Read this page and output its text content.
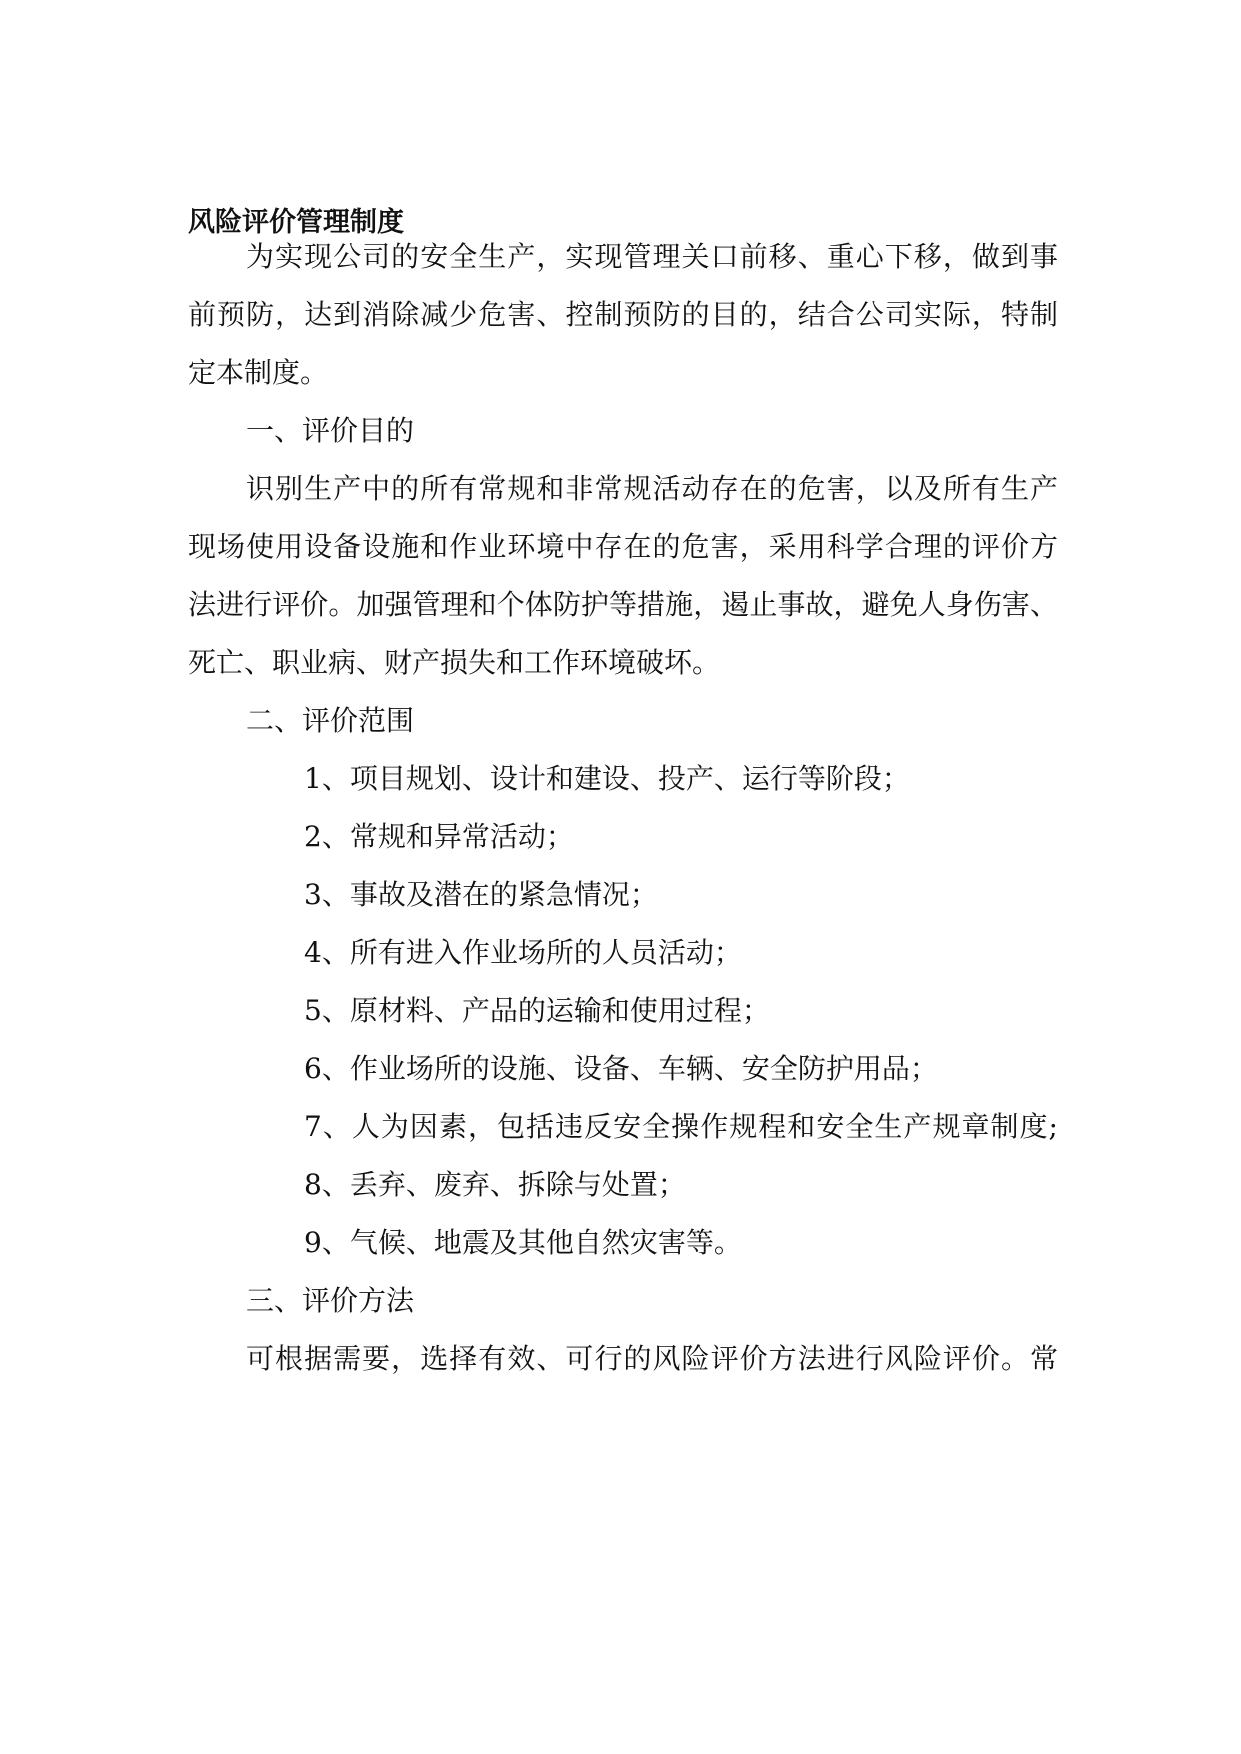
风险评价管理制度
为实现公司的安全生产，实现管理关口前移、重心下移，做到事
前预防，达到消除减少危害、控制预防的目的，结合公司实际，特制
定本制度。
一、评价目的
识别生产中的所有常规和非常规活动存在的危害，以及所有生产
现场使用设备设施和作业环境中存在的危害，采用科学合理的评价方
法进行评价。加强管理和个体防护等措施，遏止事故，避免人身伤害、
死亡、职业病、财产损失和工作环境破坏。
二、评价范围
1、项目规划、设计和建设、投产、运行等阶段；
2、常规和异常活动；
3、事故及潜在的紧急情况；
4、所有进入作业场所的人员活动；
5、原材料、产品的运输和使用过程；
6、作业场所的设施、设备、车辆、安全防护用品；
7、人为因素，包括违反安全操作规程和安全生产规章制度;
8、丢弃、废弃、拆除与处置；
9、气候、地震及其他自然灾害等。
三、评价方法
可根据需要，选择有效、可行的风险评价方法进行风险评价。常
